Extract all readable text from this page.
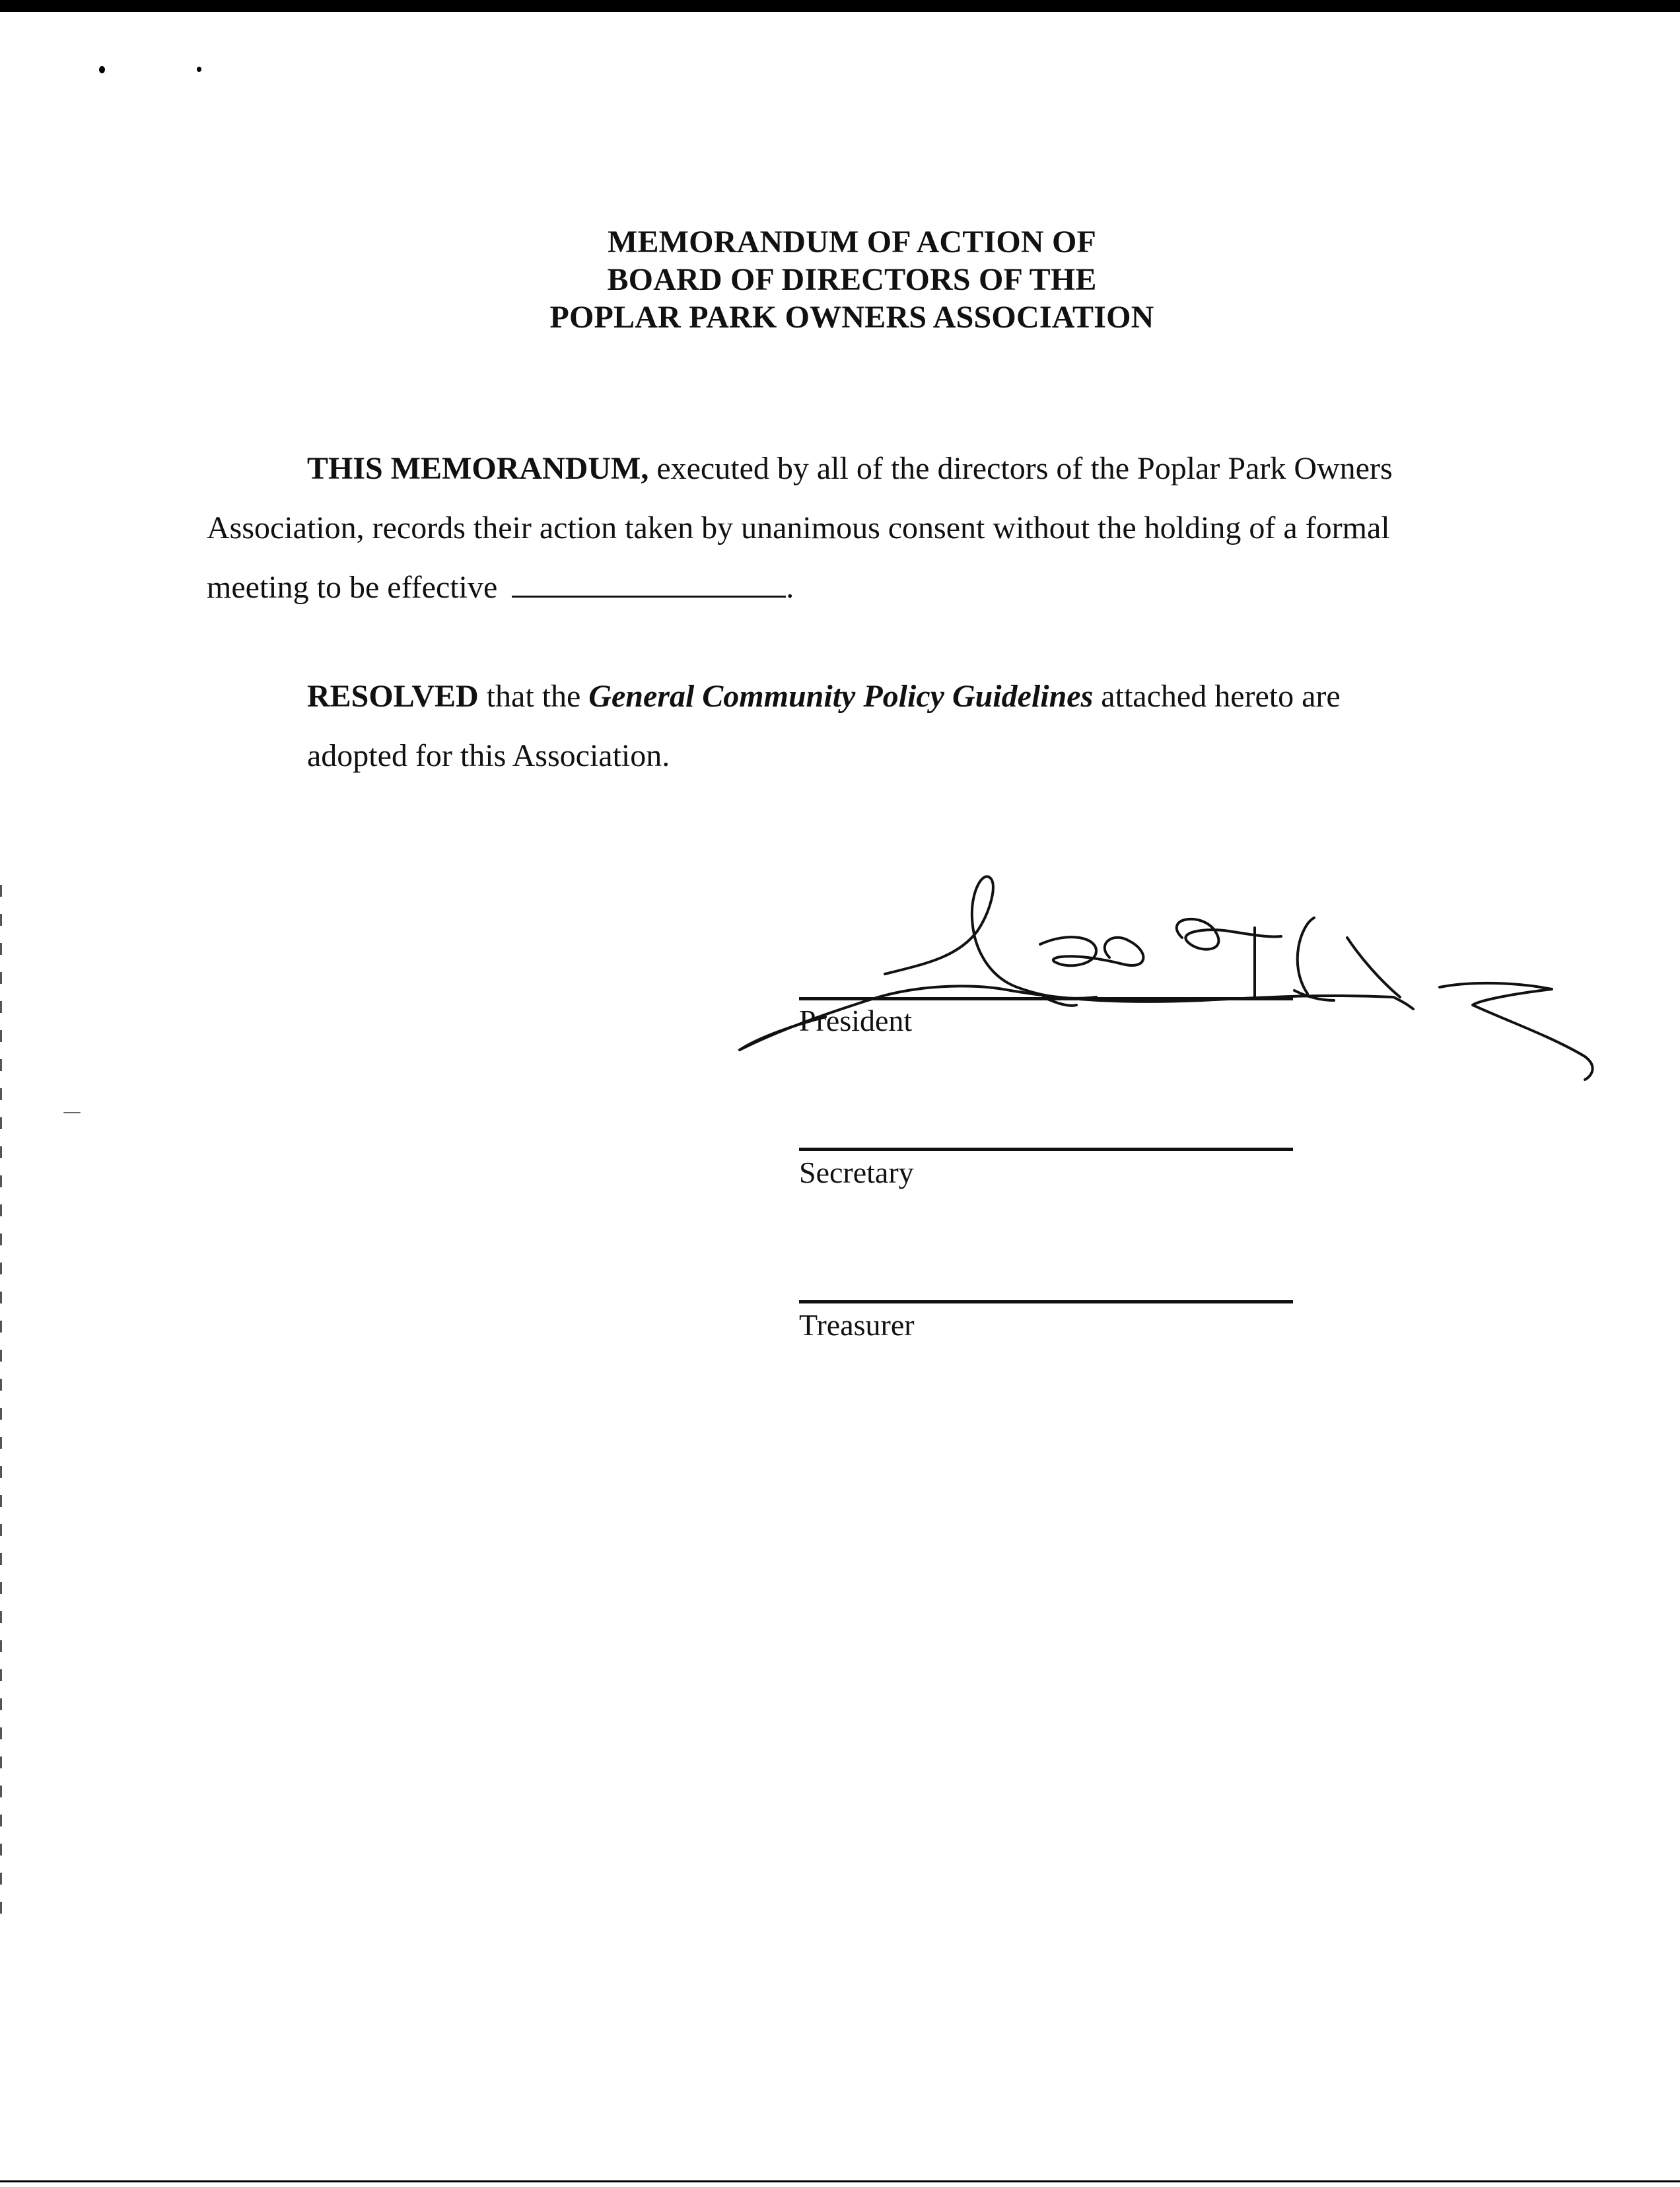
MEMORANDUM OF ACTION OF
BOARD OF DIRECTORS OF THE
POPLAR PARK OWNERS ASSOCIATION
THIS MEMORANDUM, executed by all of the directors of the Poplar Park Owners Association, records their action taken by unanimous consent without the holding of a formal meeting to be effective	.
RESOLVED that the General Community Policy Guidelines attached hereto are adopted for this Association.
President
Secretary
Treasurer
